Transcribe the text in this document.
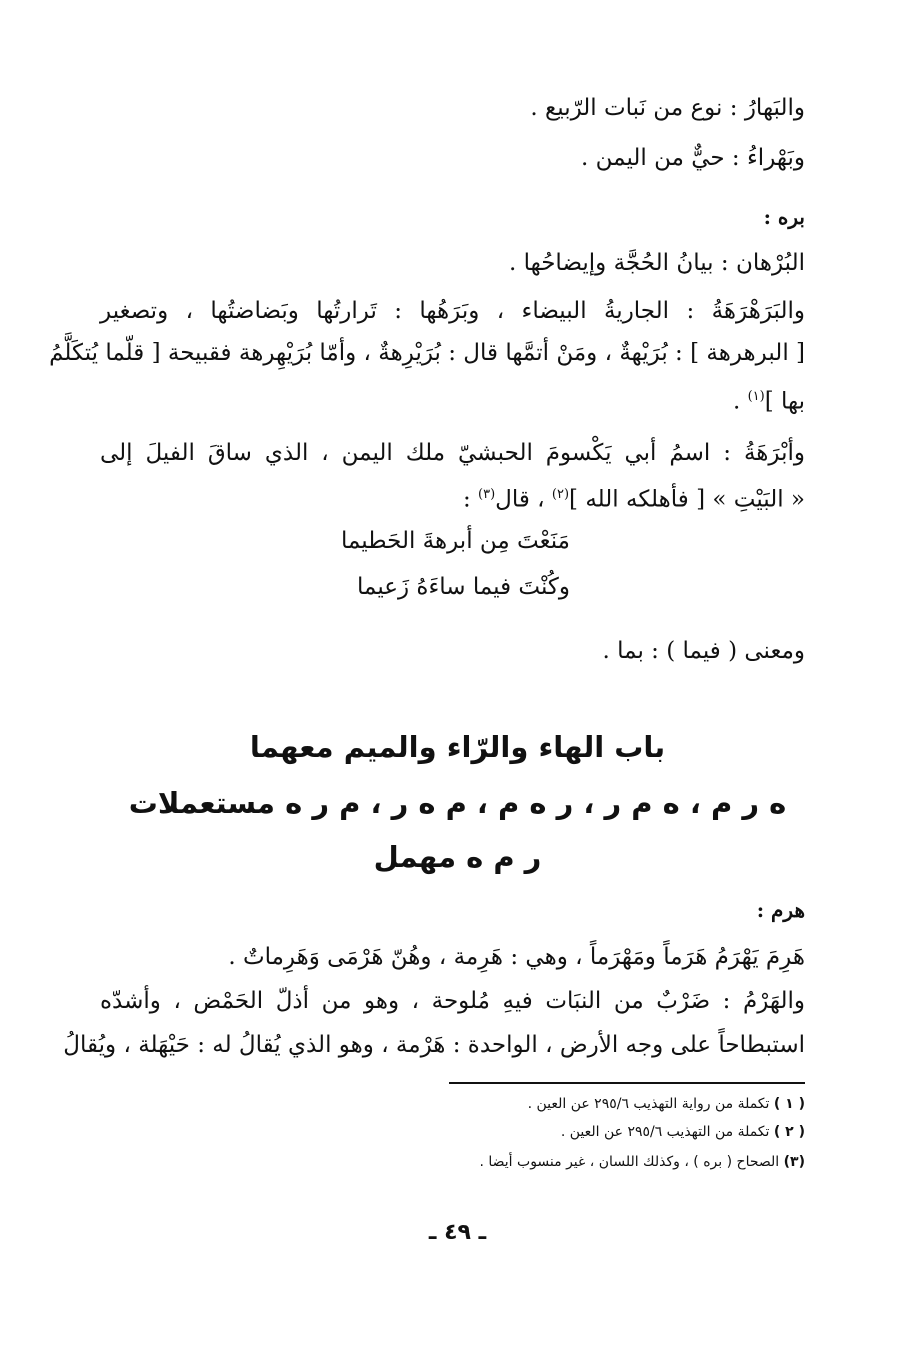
والبَهارُ : نوع من نَبات الرّبيع .
وبَهْراءُ : حيٌّ من اليمن .
بره :
البُرْهان : بيانُ الحُجَّة وإيضاحُها .
والبَرَهْرَهَةُ : الجاريةُ البيضاء ، وبَرَهُها : تَرارتُها وبَضاضتُها ، وتصغير
[ البرهرهة ] : بُرَيْهةٌ ، ومَنْ أتمَّها قال : بُرَيْرِهةٌ ، وأمّا بُرَيْهِرهة فقبيحة [ قلّما يُتكَلَّمُ
بها ]$^{(١)}$ .
وأبْرَهَةُ : اسمُ أبي يَكْسومَ الحبشيّ ملك اليمن ، الذي ساقَ الفيلَ إلى
« البَيْتِ » [ فأهلكه الله ]$^{(٢)}$ ، قال$^{(٣)}$ :
مَنَعْتَ مِن أبرهةَ الحَطيما
وكُنْتَ فيما ساءَهُ زَعيما
ومعنى ( فيما ) : بما .
باب الهاء والرّاء والميم معهما
ه ر م ، ه م ر ، ر ه م ، م ه ر ، م ر ه مستعملات
ر م ه مهمل
هرم :
هَرِمَ يَهْرَمُ هَرَماً ومَهْرَماً ، وهي : هَرِمة ، وهُنّ هَرْمَى وَهَرِماتٌ .
والهَرْمُ : ضَرْبٌ من النبَات فيهِ مُلوحة ، وهو من أذلّ الحَمْض ، وأشدّه
استبطاحاً على وجه الأرض ، الواحدة : هَرْمة ، وهو الذي يُقالُ له : حَيْهَلة ، ويُقالُ
( ١ ) تكملة من رواية التهذيب ٢٩٥/٦ عن العين .
( ٢ ) تكملة من التهذيب ٢٩٥/٦ عن العين .
(٣) الصحاح ( بره ) ، وكذلك اللسان ، غير منسوب أيضا .
ـ ٤٩ ـ
